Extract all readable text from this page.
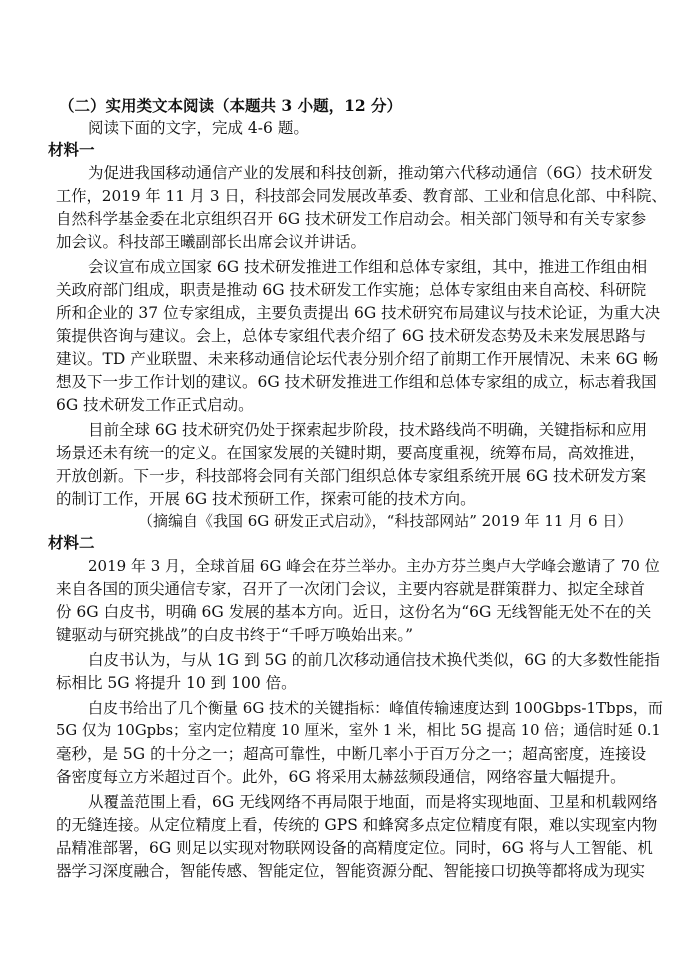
（二）实用类文本阅读（本题共 3 小题，12 分）
阅读下面的文字，完成 4-6 题。
材料一
为促进我国移动通信产业的发展和科技创新，推动第六代移动通信（6G）技术研发
工作，2019 年 11 月 3 日，科技部会同发展改革委、教育部、工业和信息化部、中科院、
自然科学基金委在北京组织召开 6G 技术研发工作启动会。相关部门领导和有关专家参
加会议。科技部王曦副部长出席会议并讲话。
会议宣布成立国家 6G 技术研发推进工作组和总体专家组，其中，推进工作组由相
关政府部门组成，职责是推动 6G 技术研发工作实施；总体专家组由来自高校、科研院
所和企业的 37 位专家组成，主要负责提出 6G 技术研究布局建议与技术论证，为重大决
策提供咨询与建议。会上，总体专家组代表介绍了 6G 技术研发态势及未来发展思路与
建议。TD 产业联盟、未来移动通信论坛代表分别介绍了前期工作开展情况、未来 6G 畅
想及下一步工作计划的建议。6G 技术研发推进工作组和总体专家组的成立，标志着我国
6G 技术研发工作正式启动。
目前全球 6G 技术研究仍处于探索起步阶段，技术路线尚不明确，关键指标和应用
场景还未有统一的定义。在国家发展的关键时期，要高度重视，统筹布局，高效推进，
开放创新。下一步，科技部将会同有关部门组织总体专家组系统开展 6G 技术研发方案
的制订工作，开展 6G 技术预研工作，探索可能的技术方向。
（摘编自《我国 6G 研发正式启动》，“科技部网站” 2019 年 11 月 6 日）
材料二
2019 年 3 月，全球首届 6G 峰会在芬兰举办。主办方芬兰奥卢大学峰会邀请了 70 位
来自各国的顶尖通信专家，召开了一次闭门会议，主要内容就是群策群力、拟定全球首
份 6G 白皮书，明确 6G 发展的基本方向。近日，这份名为“6G 无线智能无处不在的关
键驱动与研究挑战”的白皮书终于“千呼万唤始出来。”
白皮书认为，与从 1G 到 5G 的前几次移动通信技术换代类似，6G 的大多数性能指
标相比 5G 将提升 10 到 100 倍。
白皮书给出了几个衡量 6G 技术的关键指标：峰值传输速度达到 100Gbps-1Tbps，而
5G 仅为 10Gpbs；室内定位精度 10 厘米，室外 1 米，相比 5G 提高 10 倍；通信时延 0.1
毫秒，是 5G 的十分之一；超高可靠性，中断几率小于百万分之一；超高密度，连接设
备密度每立方米超过百个。此外，6G 将采用太赫兹频段通信，网络容量大幅提升。
从覆盖范围上看，6G 无线网络不再局限于地面，而是将实现地面、卫星和机载网络
的无缝连接。从定位精度上看，传统的 GPS 和蜂窝多点定位精度有限，难以实现室内物
品精准部署，6G 则足以实现对物联网设备的高精度定位。同时，6G 将与人工智能、机
器学习深度融合，智能传感、智能定位，智能资源分配、智能接口切换等都将成为现实
